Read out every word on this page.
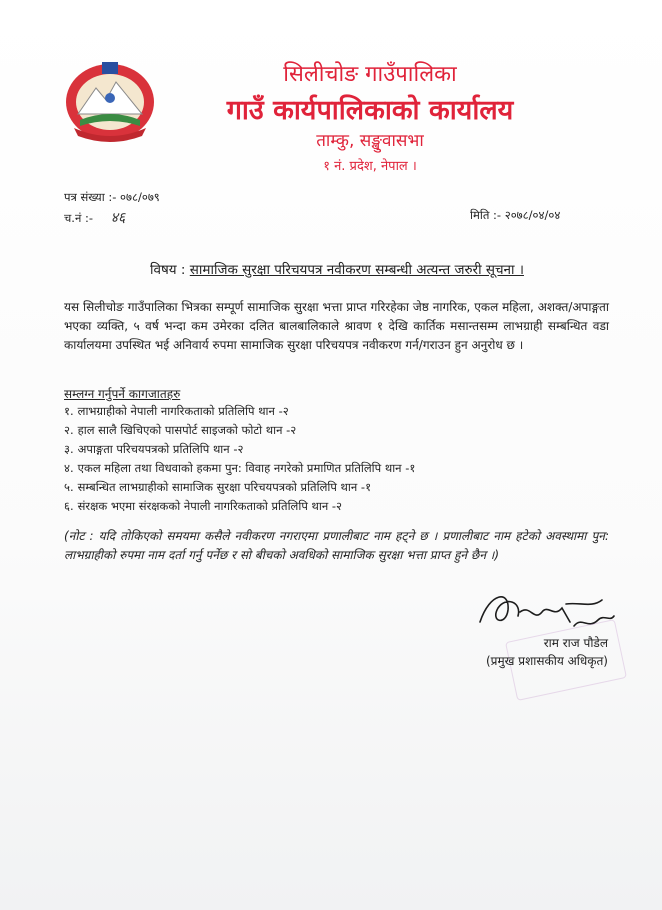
सिलीचोङ गाउँपालिका
गाउँ कार्यपालिकाको कार्यालय
ताम्कु, सङ्खुवासभा
१ नं. प्रदेश, नेपाल ।
पत्र संख्या :- ०७८/०७९
च.नं :- ४६	मिति :- २०७८/०४/०४
विषय : सामाजिक सुरक्षा परिचयपत्र नवीकरण सम्बन्धी अत्यन्त जरुरी सूचना ।
यस सिलीचोङ गाउँपालिका भित्रका सम्पूर्ण सामाजिक सुरक्षा भत्ता प्राप्त गरिरहेका जेष्ठ नागरिक, एकल महिला, अशक्त/अपाङ्गता भएका व्यक्ति, ५ वर्ष भन्दा कम उमेरका दलित बालबालिकाले श्रावण १ देखि कार्तिक मसान्तसम्म लाभग्राही सम्बन्धित वडा कार्यालयमा उपस्थित भई अनिवार्य रुपमा सामाजिक सुरक्षा परिचयपत्र नवीकरण गर्न/गराउन हुन अनुरोध छ ।
सम्लग्न गर्नुपर्ने कागजातहरु
१. लाभग्राहीको नेपाली नागरिकताको प्रतिलिपि थान -२
२. हाल सालै खिचिएको पासपोर्ट साइजको फोटो थान -२
३. अपाङ्गता परिचयपत्रको प्रतिलिपि थान -२
४. एकल महिला तथा विधवाको हकमा पुन: विवाह नगरेको प्रमाणित प्रतिलिपि थान -१
५. सम्बन्धित लाभग्राहीको सामाजिक सुरक्षा परिचयपत्रको प्रतिलिपि थान -१
६. संरक्षक भएमा संरक्षकको नेपाली नागरिकताको प्रतिलिपि थान -२
(नोट : यदि तोकिएको समयमा कसैले नवीकरण नगराएमा प्रणालीबाट नाम हट्ने छ । प्रणालीबाट नाम हटेको अवस्थामा पुन: लाभग्राहीको रुपमा नाम दर्ता गर्नु पर्नेछ र सो बीचको अवधिको सामाजिक सुरक्षा भत्ता प्राप्त हुने छैन ।)
राम राज पौडेल
(प्रमुख प्रशासकीय अधिकृत)
